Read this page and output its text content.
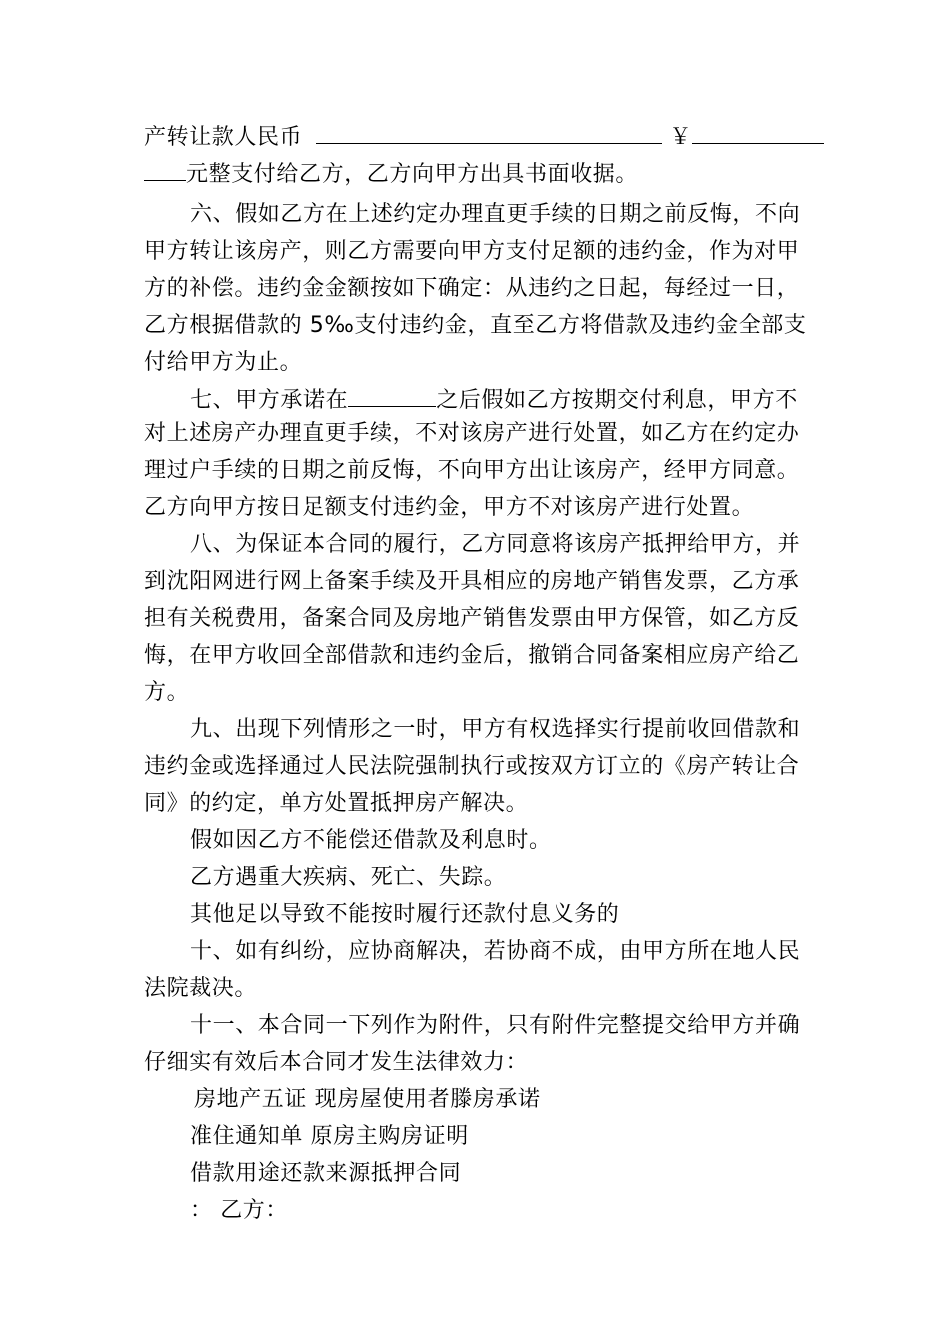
产转让款人民币	￥
元整支付给乙方，乙方向甲方出具书面收据。
六、假如乙方在上述约定办理直更手续的日期之前反悔，不向
甲方转让该房产，则乙方需要向甲方支付足额的违约金，作为对甲
方的补偿。违约金金额按如下确定：从违约之日起，每经过一日，
乙方根据借款的 5‰支付违约金，直至乙方将借款及违约金全部支
付给甲方为止。
七、甲方承诺在	之后假如乙方按期交付利息，甲方不
对上述房产办理直更手续，不对该房产进行处置，如乙方在约定办
理过户手续的日期之前反悔，不向甲方出让该房产，经甲方同意。
乙方向甲方按日足额支付违约金，甲方不对该房产进行处置。
八、为保证本合同的履行，乙方同意将该房产抵押给甲方，并
到沈阳网进行网上备案手续及开具相应的房地产销售发票，乙方承
担有关税费用，备案合同及房地产销售发票由甲方保管，如乙方反
悔，在甲方收回全部借款和违约金后，撤销合同备案相应房产给乙
方。
九、出现下列情形之一时，甲方有权选择实行提前收回借款和
违约金或选择通过人民法院强制执行或按双方订立的《房产转让合
同》的约定，单方处置抵押房产解决。
假如因乙方不能偿还借款及利息时。
乙方遇重大疾病、死亡、失踪。
其他足以导致不能按时履行还款付息义务的
十、如有纠纷，应协商解决，若协商不成，由甲方所在地人民
法院裁决。
十一、本合同一下列作为附件，只有附件完整提交给甲方并确
仔细实有效后本合同才发生法律效力：
房地产五证 现房屋使用者滕房承诺
准住通知单 原房主购房证明
借款用途还款来源抵押合同
： 乙方：
